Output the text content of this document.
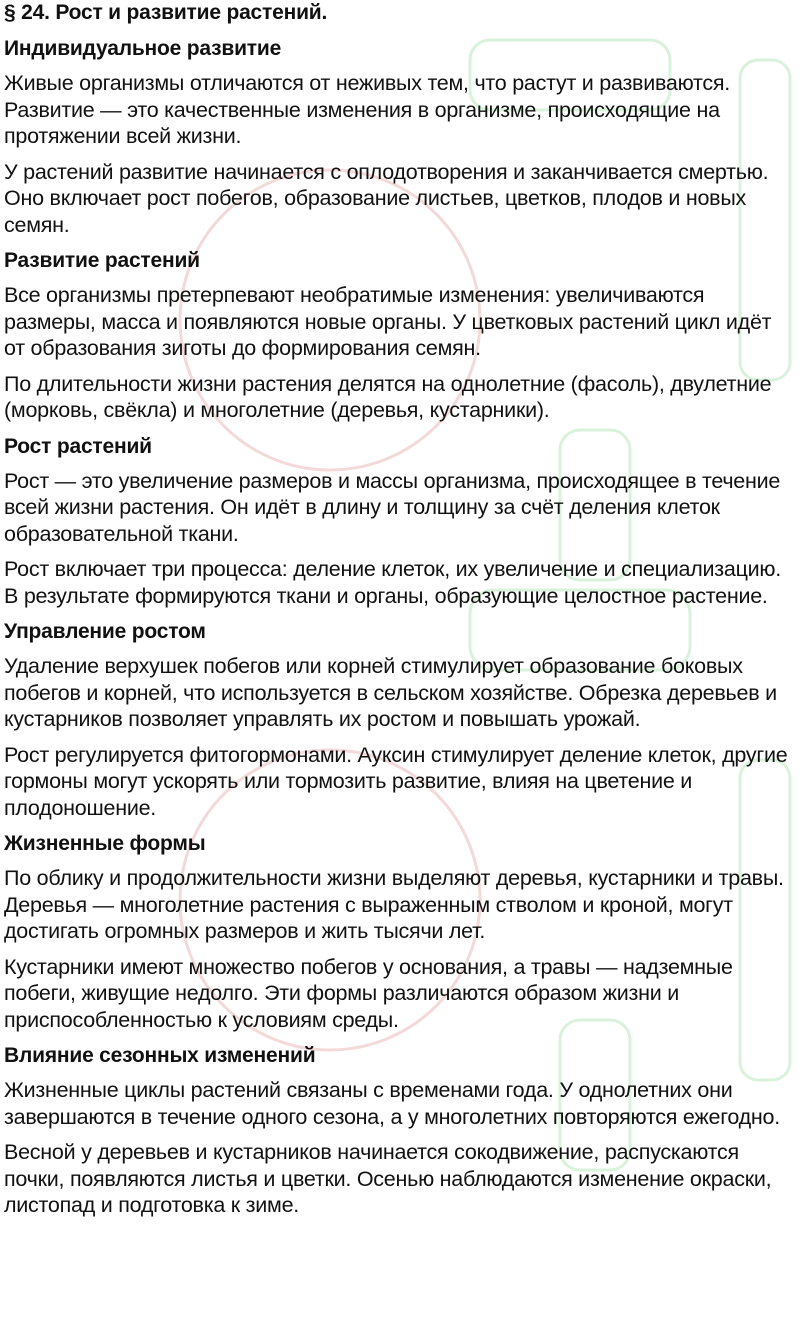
§ 24. Рост и развитие растений.
Индивидуальное развитие

Живые организмы отличаются от неживых тем, что растут и развиваются. Развитие — это качественные изменения в организме, происходящие на протяжении всей жизни.

У растений развитие начинается с оплодотворения и заканчивается смертью. Оно включает рост побегов, образование листьев, цветков, плодов и новых семян.

Развитие растений

Все организмы претерпевают необратимые изменения: увеличиваются размеры, масса и появляются новые органы. У цветковых растений цикл идёт от образования зиготы до формирования семян.

По длительности жизни растения делятся на однолетние (фасоль), двулетние (морковь, свёкла) и многолетние (деревья, кустарники).

Рост растений

Рост — это увеличение размеров и массы организма, происходящее в течение всей жизни растения. Он идёт в длину и толщину за счёт деления клеток образовательной ткани.

Рост включает три процесса: деление клеток, их увеличение и специализацию. В результате формируются ткани и органы, образующие целостное растение.

Управление ростом

Удаление верхушек побегов или корней стимулирует образование боковых побегов и корней, что используется в сельском хозяйстве. Обрезка деревьев и кустарников позволяет управлять их ростом и повышать урожай.

Рост регулируется фитогормонами. Ауксин стимулирует деление клеток, другие гормоны могут ускорять или тормозить развитие, влияя на цветение и плодоношение.

Жизненные формы

По облику и продолжительности жизни выделяют деревья, кустарники и травы. Деревья — многолетние растения с выраженным стволом и кроной, могут достигать огромных размеров и жить тысячи лет.

Кустарники имеют множество побегов у основания, а травы — надземные побеги, живущие недолго. Эти формы различаются образом жизни и приспособленностью к условиям среды.

Влияние сезонных изменений

Жизненные циклы растений связаны с временами года. У однолетних они завершаются в течение одного сезона, а у многолетних повторяются ежегодно.

Весной у деревьев и кустарников начинается сокодвижение, распускаются почки, появляются листья и цветки. Осенью наблюдаются изменение окраски, листопад и подготовка к зиме.
